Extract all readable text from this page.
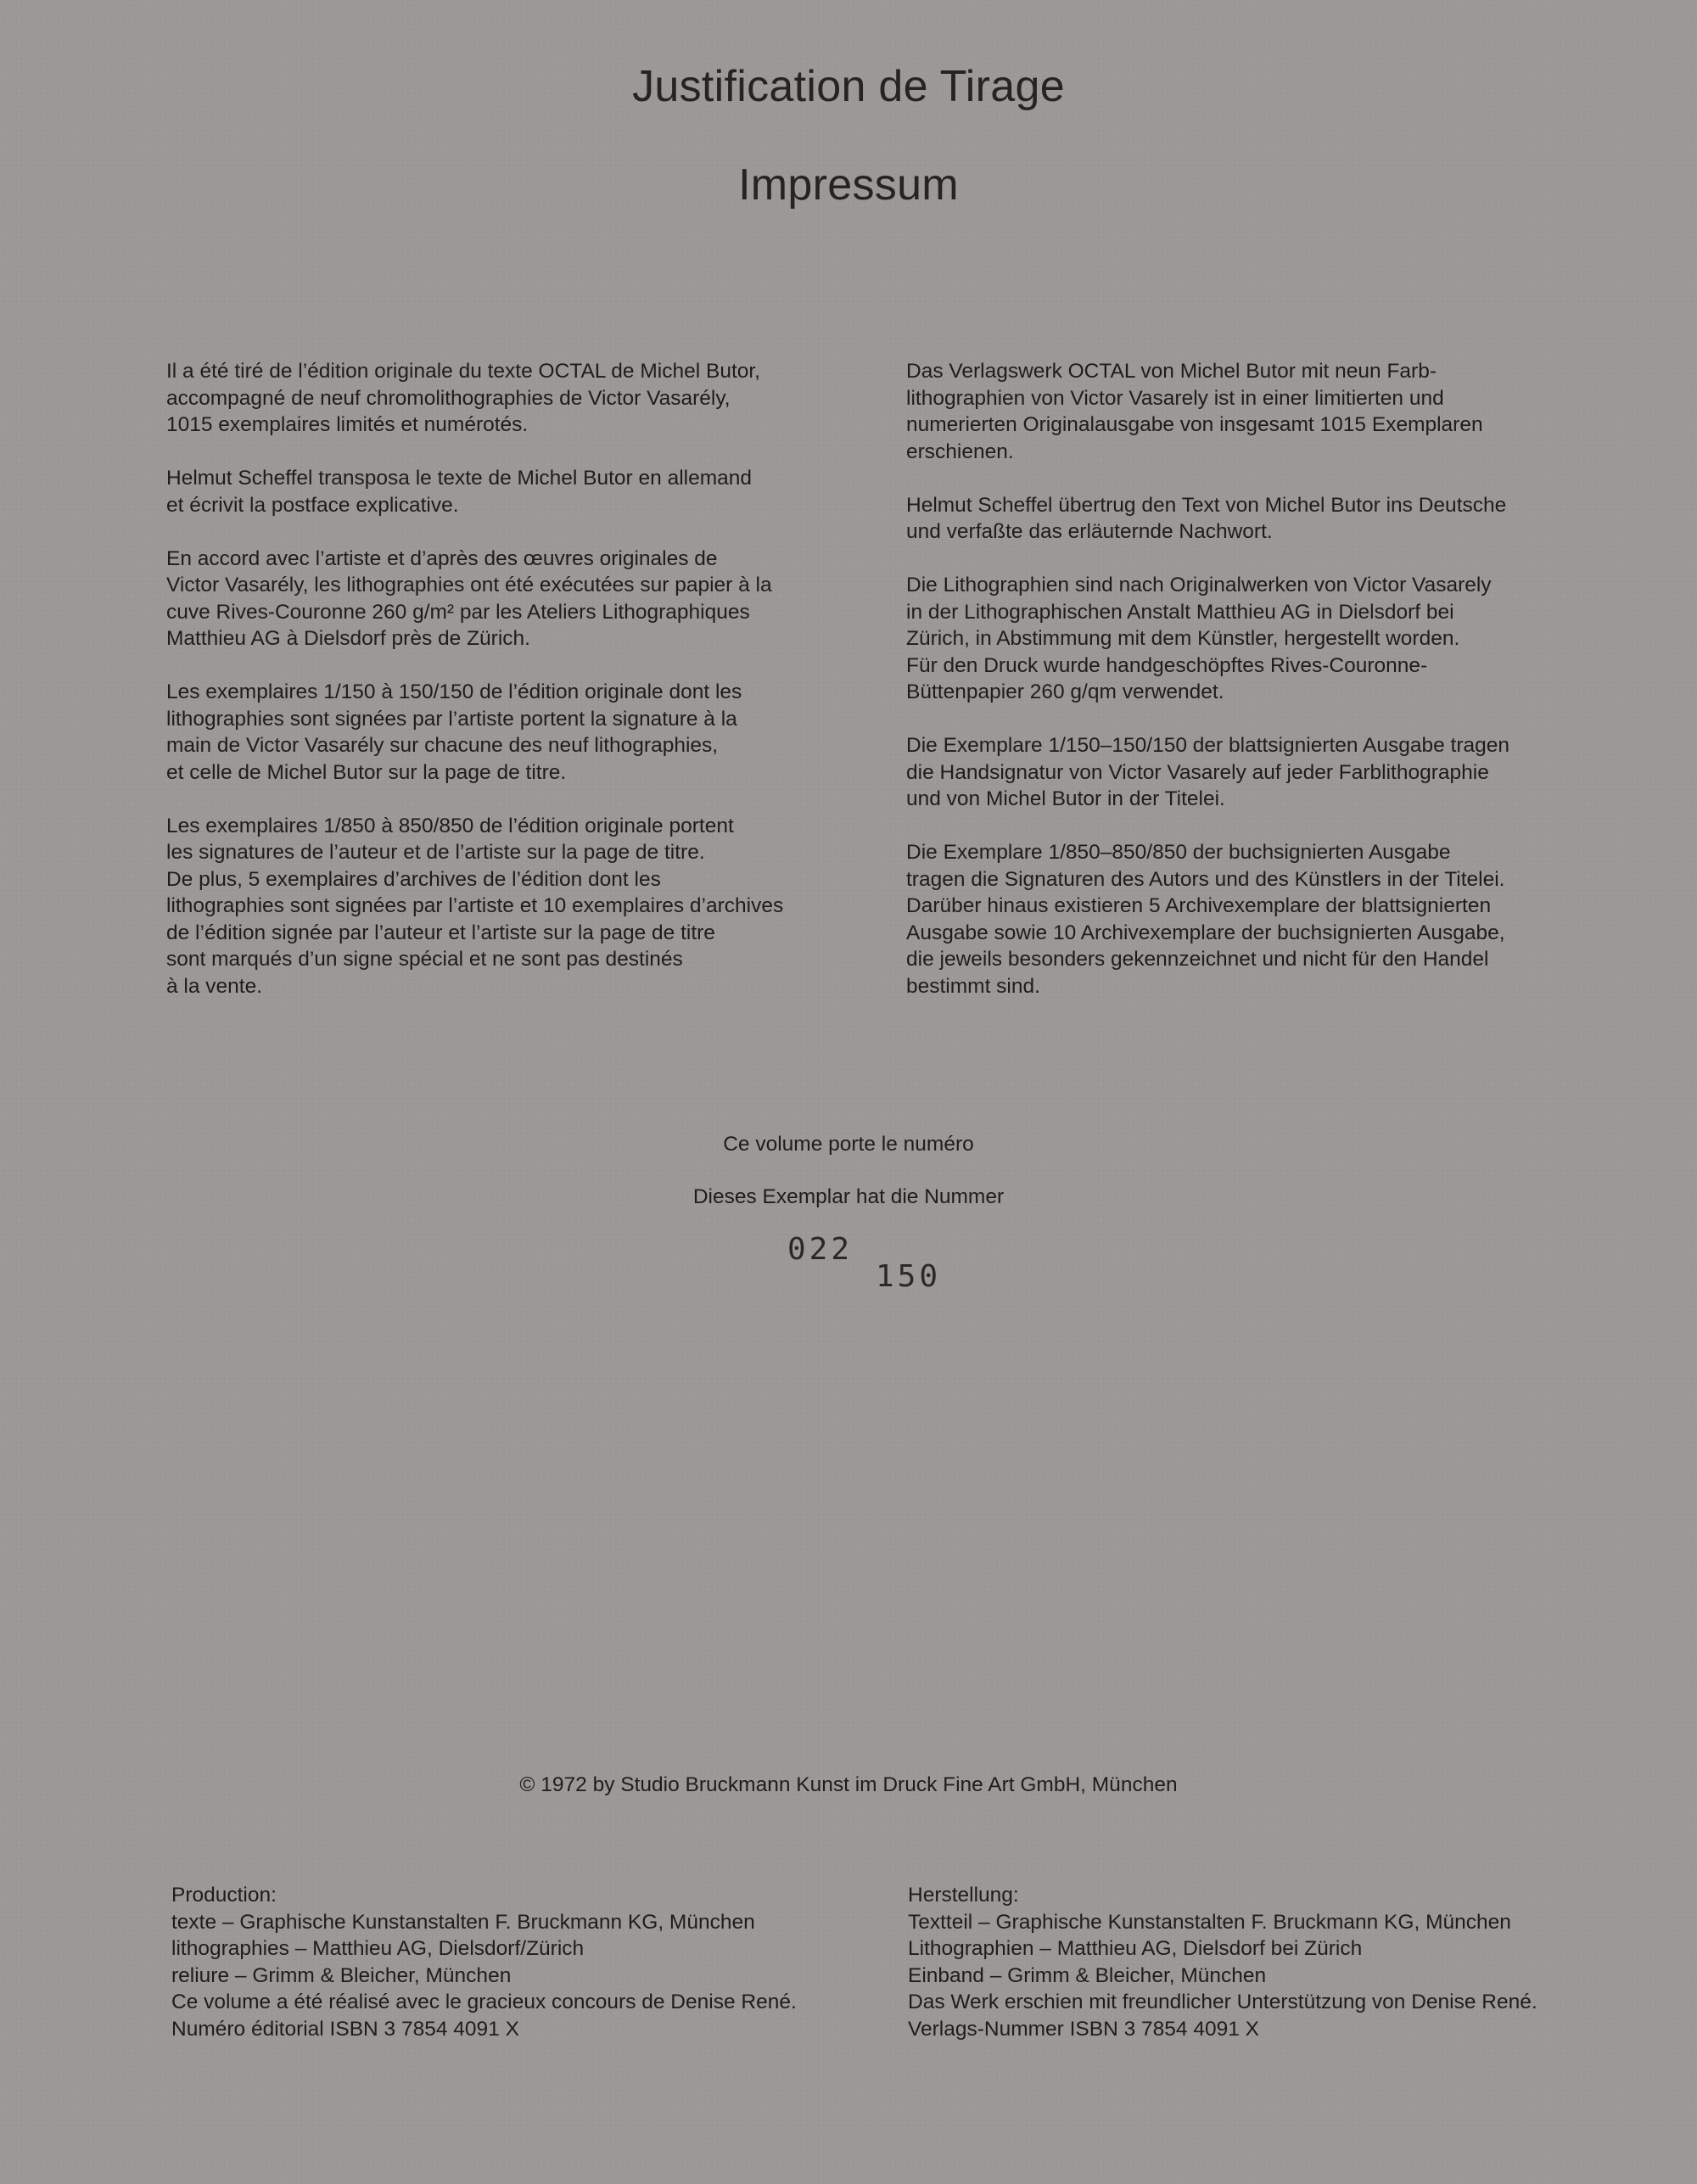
Justification de Tirage
Impressum

Il a été tiré de l’édition originale du texte OCTAL de Michel Butor,
accompagné de neuf chromolithographies de Victor Vasarély,
1015 exemplaires limités et numérotés.

Helmut Scheffel transposa le texte de Michel Butor en allemand
et écrivit la postface explicative.

En accord avec l’artiste et d’après des œuvres originales de
Victor Vasarély, les lithographies ont été exécutées sur papier à la
cuve Rives-Couronne 260 g/m² par les Ateliers Lithographiques
Matthieu AG à Dielsdorf près de Zürich.

Les exemplaires 1/150 à 150/150 de l’édition originale dont les
lithographies sont signées par l’artiste portent la signature à la
main de Victor Vasarély sur chacune des neuf lithographies,
et celle de Michel Butor sur la page de titre.

Les exemplaires 1/850 à 850/850 de l’édition originale portent
les signatures de l’auteur et de l’artiste sur la page de titre.
De plus, 5 exemplaires d’archives de l’édition dont les
lithographies sont signées par l’artiste et 10 exemplaires d’archives
de l’édition signée par l’auteur et l’artiste sur la page de titre
sont marqués d’un signe spécial et ne sont pas destinés
à la vente.

Das Verlagswerk OCTAL von Michel Butor mit neun Farb-
lithographien von Victor Vasarely ist in einer limitierten und
numerierten Originalausgabe von insgesamt 1015 Exemplaren
erschienen.

Helmut Scheffel übertrug den Text von Michel Butor ins Deutsche
und verfaßte das erläuternde Nachwort.

Die Lithographien sind nach Originalwerken von Victor Vasarely
in der Lithographischen Anstalt Matthieu AG in Dielsdorf bei
Zürich, in Abstimmung mit dem Künstler, hergestellt worden.
Für den Druck wurde handgeschöpftes Rives-Couronne-
Büttenpapier 260 g/qm verwendet.

Die Exemplare 1/150–150/150 der blattsignierten Ausgabe tragen
die Handsignatur von Victor Vasarely auf jeder Farblithographie
und von Michel Butor in der Titelei.

Die Exemplare 1/850–850/850 der buchsignierten Ausgabe
tragen die Signaturen des Autors und des Künstlers in der Titelei.
Darüber hinaus existieren 5 Archivexemplare der blattsignierten
Ausgabe sowie 10 Archivexemplare der buchsignierten Ausgabe,
die jeweils besonders gekennzeichnet und nicht für den Handel
bestimmt sind.

Ce volume porte le numéro

Dieses Exemplar hat die Nummer

022
150

© 1972 by Studio Bruckmann Kunst im Druck Fine Art GmbH, München

Production:
texte – Graphische Kunstanstalten F. Bruckmann KG, München
lithographies – Matthieu AG, Dielsdorf/Zürich
reliure – Grimm & Bleicher, München
Ce volume a été réalisé avec le gracieux concours de Denise René.
Numéro éditorial ISBN 3 7854 4091 X

Herstellung:
Textteil – Graphische Kunstanstalten F. Bruckmann KG, München
Lithographien – Matthieu AG, Dielsdorf bei Zürich
Einband – Grimm & Bleicher, München
Das Werk erschien mit freundlicher Unterstützung von Denise René.
Verlags-Nummer ISBN 3 7854 4091 X
